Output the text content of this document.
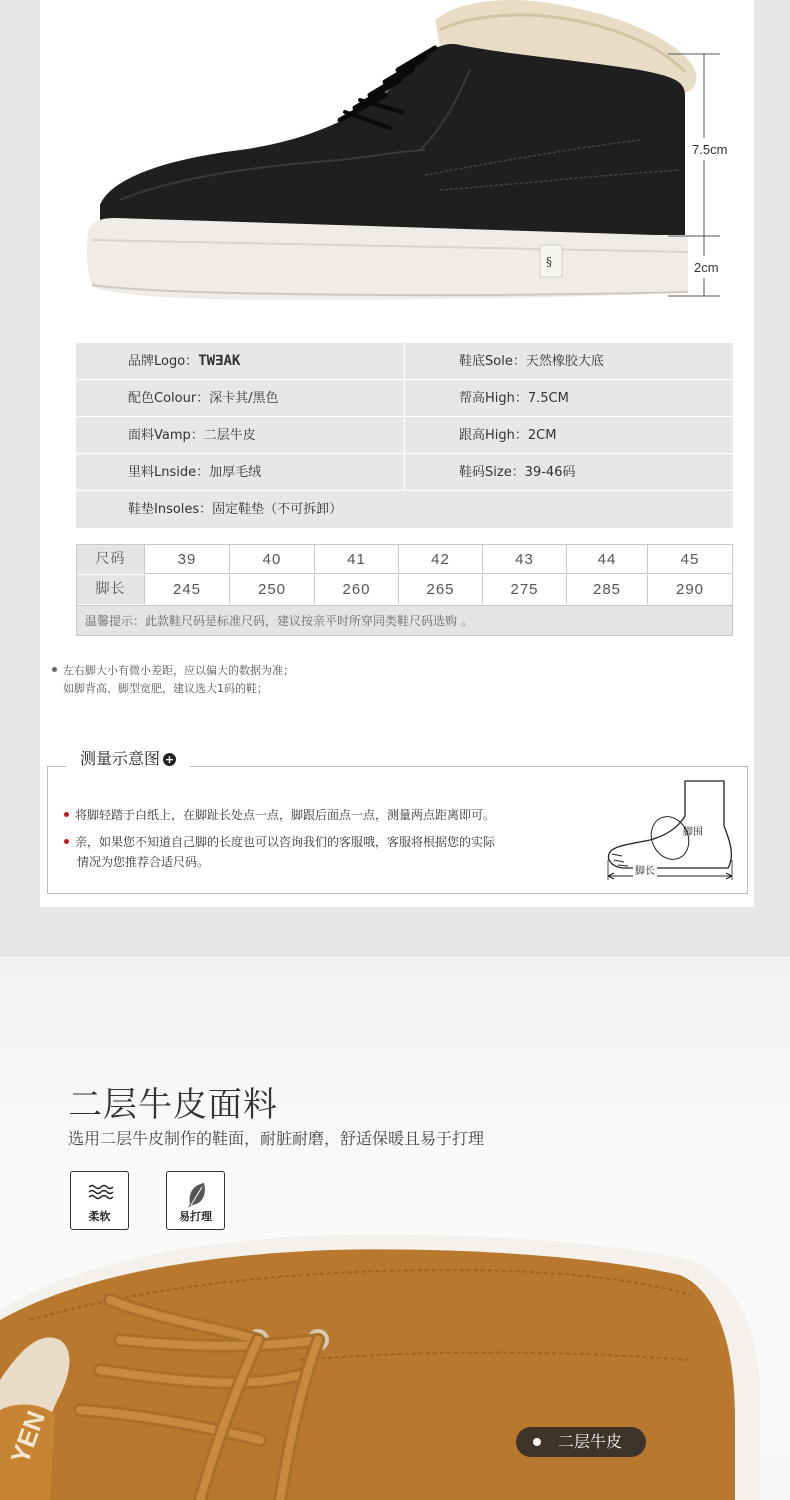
§
7.5cm
2cm
品牌Logo：TW∃AK	鞋底Sole：天然橡胶大底
配色Colour：深卡其/黑色	帮高High：7.5CM
面料Vamp：二层牛皮	跟高High：2CM
里料Lnside：加厚毛绒	鞋码Size：39-46码
鞋垫Insoles：固定鞋垫（不可拆卸）
尺码	39	40	41	42	43	44	45
脚长	245	250	260	265	275	285	290
温馨提示：此款鞋尺码是标准尺码，建议按亲平时所穿同类鞋尺码选购 。
左右脚大小有微小差距，应以偏大的数据为准；
如脚背高、脚型宽肥，建议选大1码的鞋；
测量示意图 +
将脚轻踏于白纸上，在脚趾长处点一点，脚跟后面点一点，测量两点距离即可。
亲，如果您不知道自己脚的长度也可以咨询我们的客服哦，客服将根据您的实际
情况为您推荐合适尺码。
脚围
脚长
二层牛皮面料
选用二层牛皮制作的鞋面，耐脏耐磨，舒适保暖且易于打理
柔软	易打理
YEN	二层牛皮
